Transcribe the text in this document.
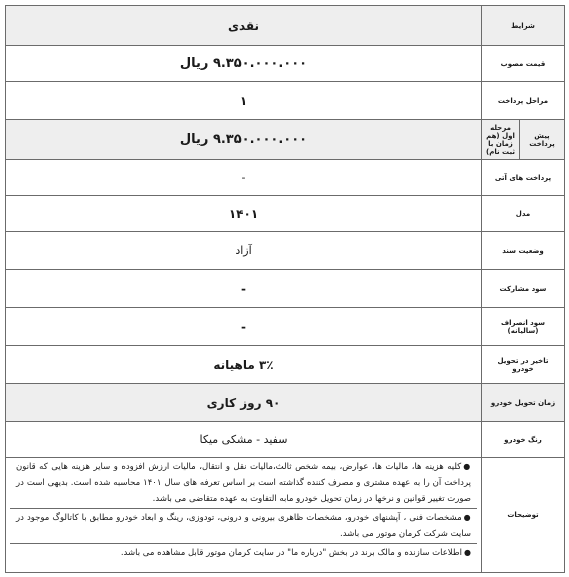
شرایط		نقدی
قیمت مصوب		۹.۳۵۰.۰۰۰.۰۰۰ ریال
مراحل پرداخت		۱
پیش پرداخت	مرحله اول (هم زمان با ثبت نام)	۹.۳۵۰.۰۰۰.۰۰۰ ریال
پرداخت های آتی		-
مدل		۱۴۰۱
وضعیت سند		آزاد
سود مشارکت		-
سود انصراف (سالیانه)		-
تاخیر در تحویل خودرو		۳٪ ماهیانه
زمان تحویل خودرو		۹۰ روز کاری
رنگ خودرو		سفید - مشکی میکا
توضیحات		●کلیه هزینه ها، مالیات ها، عوارض، بیمه شخص ثالث،مالیات نقل و انتقال، مالیات ارزش افزوده و سایر هزینه هایی که قانون پرداخت آن را به عهده مشتری و مصرف کننده گذاشته است بر اساس تعرفه های سال ۱۴۰۱ محاسبه شده است. بدیهی است در صورت تغییر قوانین و نرخها در زمان تحویل خودرو مابه التفاوت به عهده متقاضی می باشد.
●مشخصات فنی ، آپشنهای خودرو، مشخصات ظاهری بیرونی و درونی، تودوزی، رینگ و ابعاد خودرو مطابق با کاتالوگ موجود در سایت شرکت کرمان موتور می باشد.
●اطلاعات سازنده و مالک برند در بخش "درباره ما" در سایت کرمان موتور قابل مشاهده می باشد.
